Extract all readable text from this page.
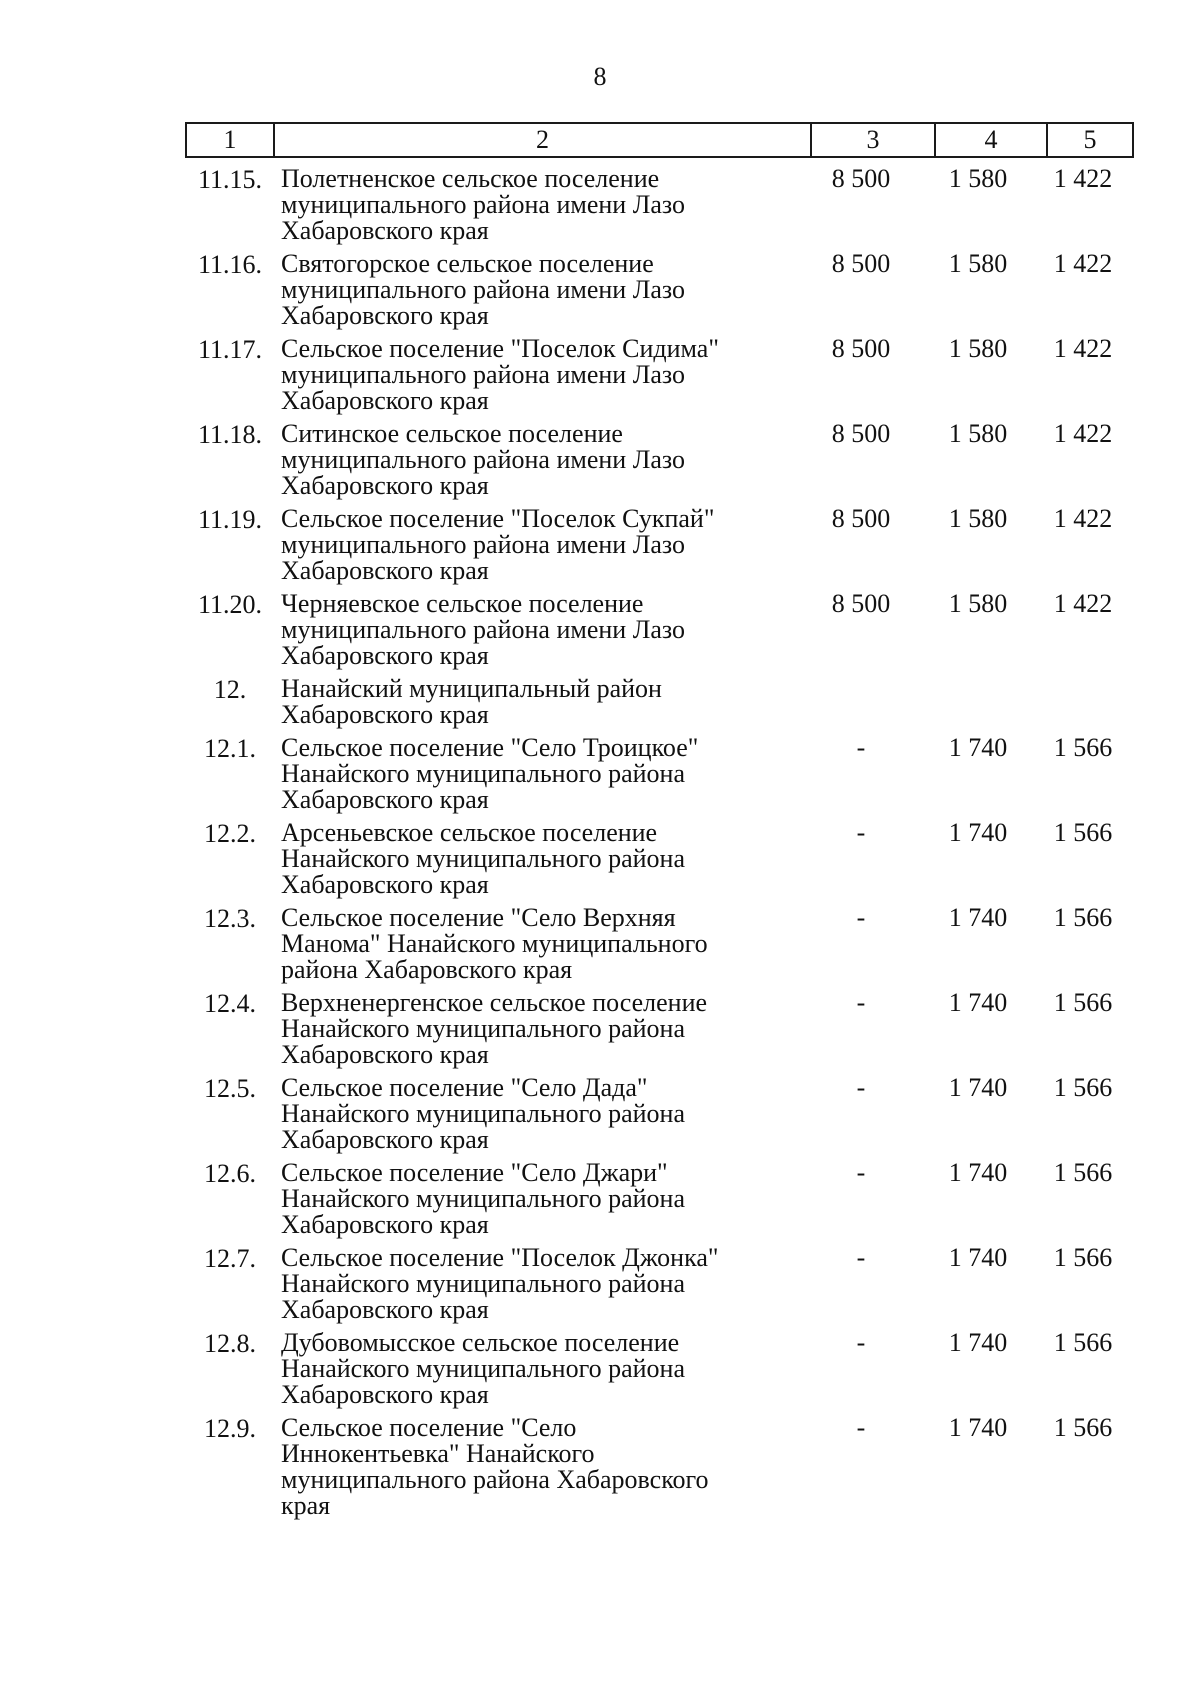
8
1	2	3	4	5
11.15. Полетненское сельское поселение
муниципального района имени Лазо
Хабаровского края
8 500	1 580	1 422
11.16. Святогорское сельское поселение
муниципального района имени Лазо
Хабаровского края
8 500	1 580	1 422
11.17. Сельское поселение "Поселок Сидима"
муниципального района имени Лазо
Хабаровского края
8 500	1 580	1 422
11.18. Ситинское сельское поселение
муниципального района имени Лазо
Хабаровского края
8 500	1 580	1 422
11.19. Сельское поселение "Поселок Сукпай"
муниципального района имени Лазо
Хабаровского края
8 500	1 580	1 422
11.20. Черняевское сельское поселение
муниципального района имени Лазо
Хабаровского края
8 500	1 580	1 422
12.	Нанайский муниципальный район
Хабаровского края
12.1. Сельское поселение "Село Троицкое"
Нанайского муниципального района
Хабаровского края
-	1 740	1 566
12.2. Арсеньевское сельское поселение
Нанайского муниципального района
Хабаровского края
-	1 740	1 566
12.3. Сельское поселение "Село Верхняя
Манома" Нанайского муниципального
района Хабаровского края
-	1 740	1 566
12.4. Верхненергенское сельское поселение
Нанайского муниципального района
Хабаровского края
-	1 740	1 566
12.5. Сельское поселение "Село Дада"
Нанайского муниципального района
Хабаровского края
-	1 740	1 566
12.6. Сельское поселение "Село Джари"
Нанайского муниципального района
Хабаровского края
-	1 740	1 566
12.7. Сельское поселение "Поселок Джонка"
Нанайского муниципального района
Хабаровского края
-	1 740	1 566
12.8. Дубовомысское сельское поселение
Нанайского муниципального района
Хабаровского края
-	1 740	1 566
12.9. Сельское поселение "Село
Иннокентьевка" Нанайского
муниципального района Хабаровского
края
-	1 740	1 566
